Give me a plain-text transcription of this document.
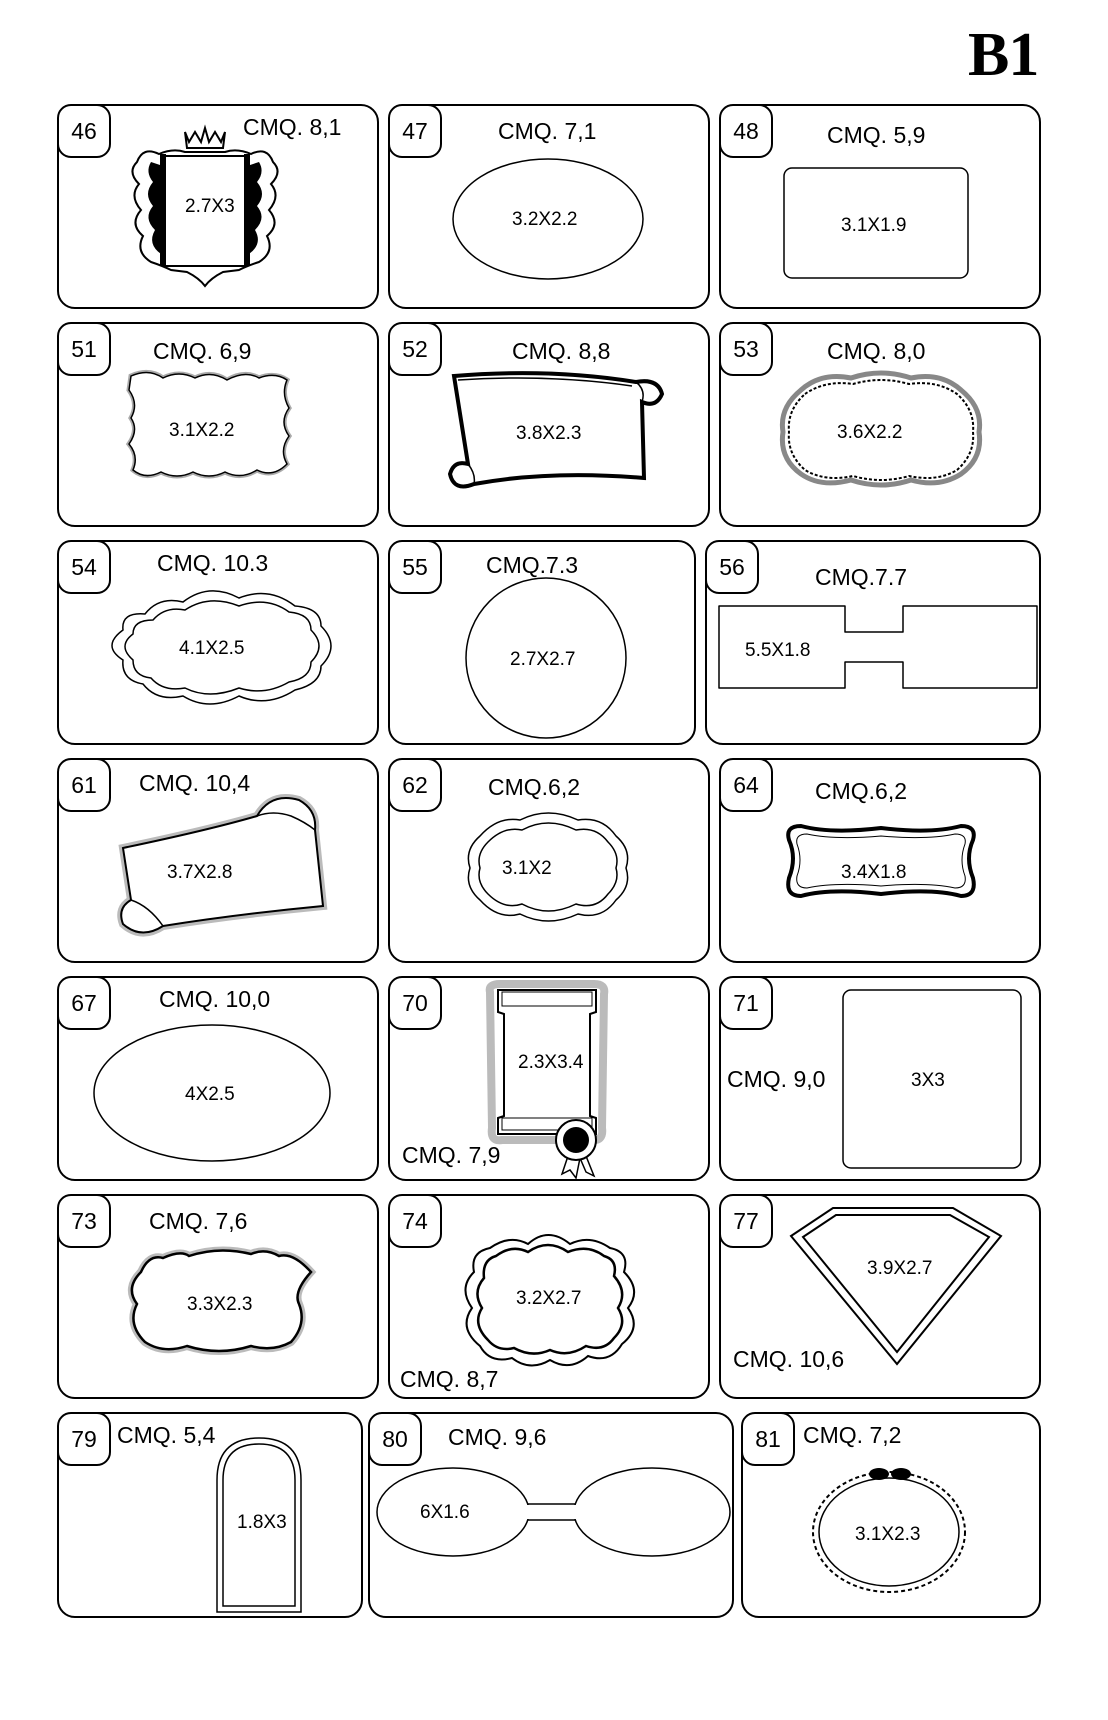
B1
2.7X3
46	CMQ. 8,1
3.2X2.2
47	CMQ. 7,1
3.1X1.9
48	CMQ. 5,9
3.1X2.2
51	CMQ. 6,9
3.8X2.3
52	CMQ. 8,8
3.6X2.2
53	CMQ. 8,0
4.1X2.5
54	CMQ. 10.3
2.7X2.7
55	CMQ.7.3
5.5X1.8
56	CMQ.7.7
3.7X2.8
61	CMQ. 10,4
3.1X2
62	CMQ.6,2
3.4X1.8
64	CMQ.6,2
4X2.5
67	CMQ. 10,0
2.3X3.4
70
CMQ. 7,9
3X3
71
CMQ. 9,0
3.3X2.3
73	CMQ. 7,6
3.2X2.7
74
CMQ. 8,7
3.9X2.7
77
CMQ. 10,6
1.8X3
79 CMQ. 5,4
6X1.6
80	CMQ. 9,6
3.1X2.3
81 CMQ. 7,2
